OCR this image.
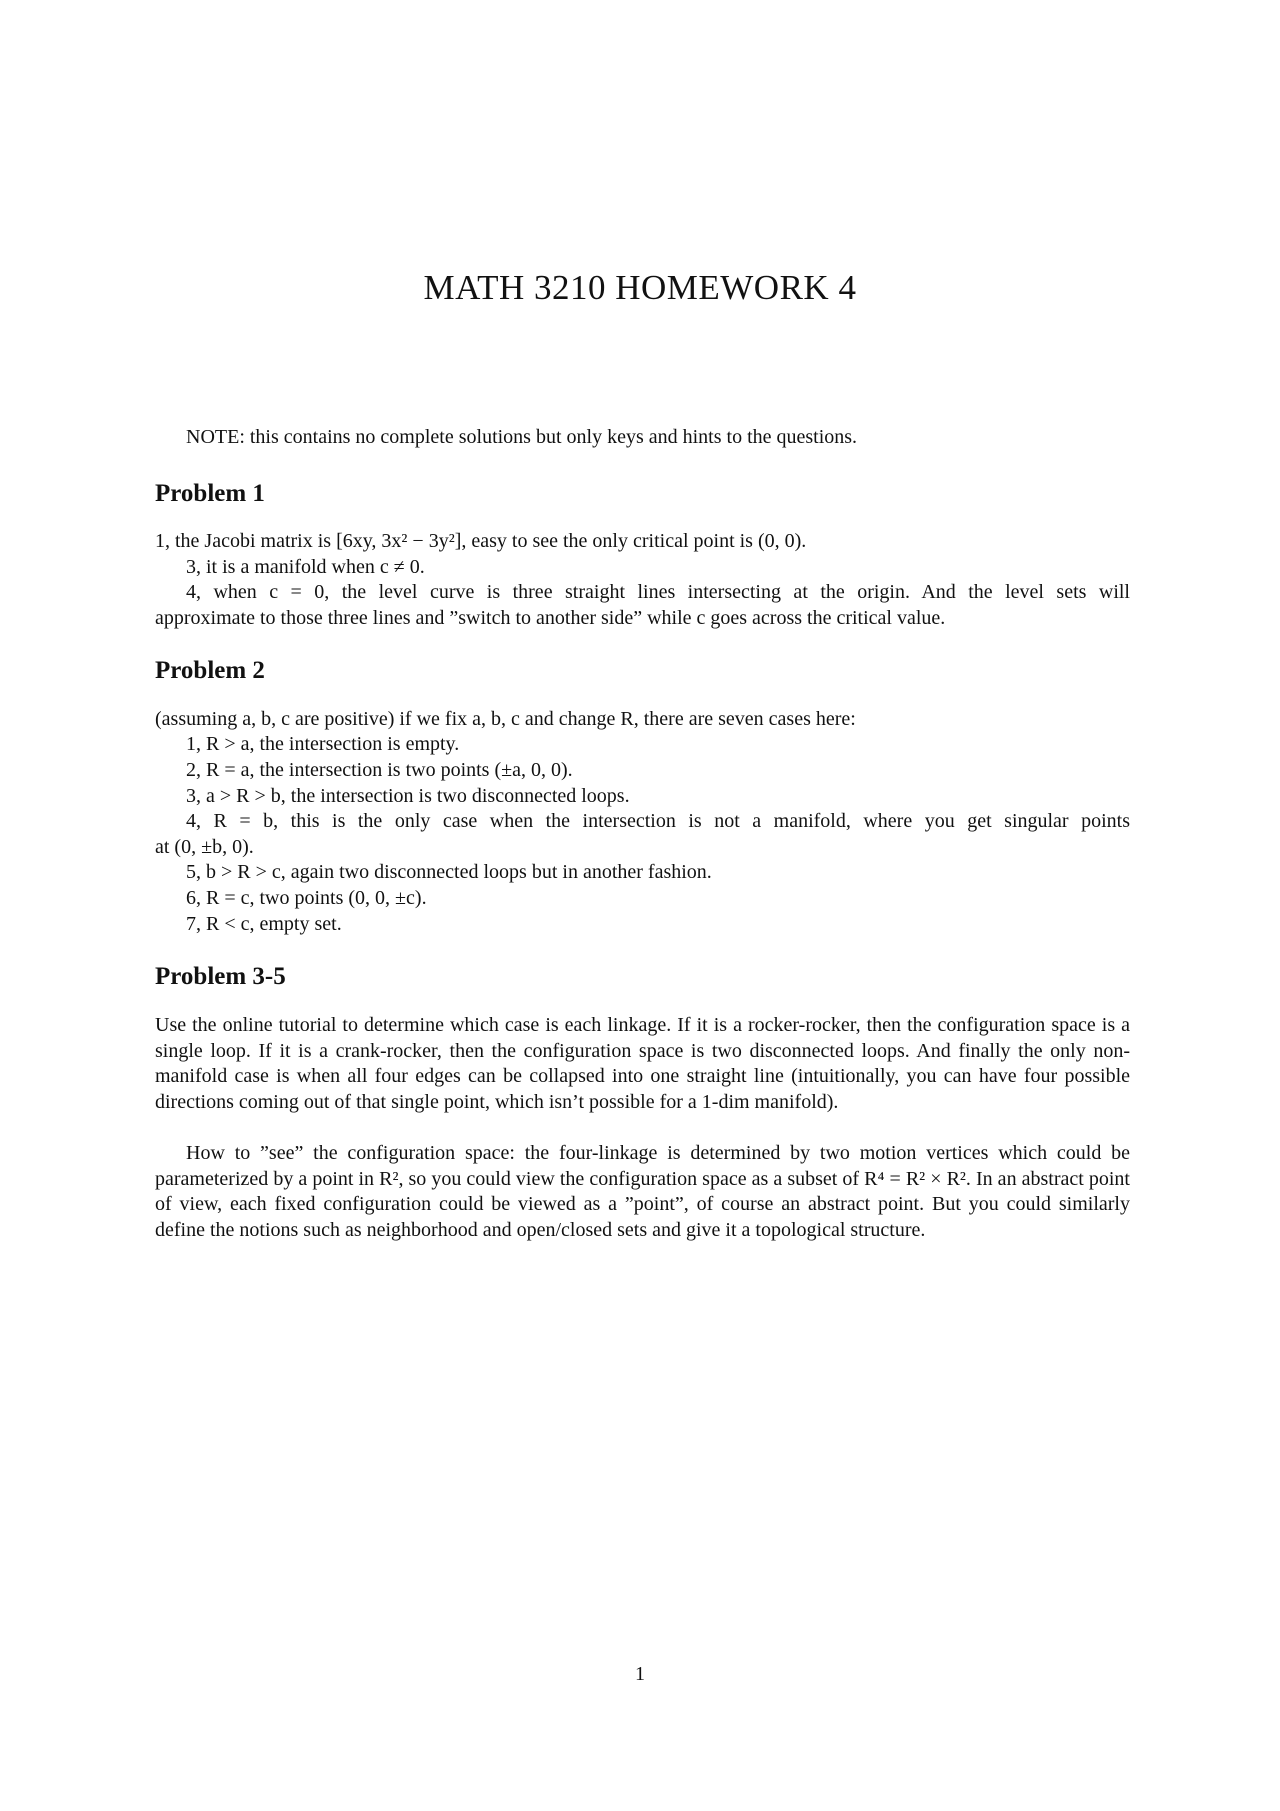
MATH 3210 HOMEWORK 4
NOTE: this contains no complete solutions but only keys and hints to the questions.
Problem 1
1, the Jacobi matrix is [6xy, 3x² − 3y²], easy to see the only critical point is (0, 0).
3, it is a manifold when c ≠ 0.
4, when c = 0, the level curve is three straight lines intersecting at the origin. And the level sets will
approximate to those three lines and ”switch to another side” while c goes across the critical value.
Problem 2
(assuming a, b, c are positive) if we fix a, b, c and change R, there are seven cases here:
1, R > a, the intersection is empty.
2, R = a, the intersection is two points (±a, 0, 0).
3, a > R > b, the intersection is two disconnected loops.
4, R = b, this is the only case when the intersection is not a manifold, where you get singular points
at (0, ±b, 0).
5, b > R > c, again two disconnected loops but in another fashion.
6, R = c, two points (0, 0, ±c).
7, R < c, empty set.
Problem 3-5
Use the online tutorial to determine which case is each linkage. If it is a rocker-rocker, then the configuration space is a single loop. If it is a crank-rocker, then the configuration space is two disconnected loops. And finally the only non-manifold case is when all four edges can be collapsed into one straight line (intuitionally, you can have four possible directions coming out of that single point, which isn’t possible for a 1-dim manifold).
How to ”see” the configuration space: the four-linkage is determined by two motion vertices which could be parameterized by a point in R², so you could view the configuration space as a subset of R⁴ = R² × R². In an abstract point of view, each fixed configuration could be viewed as a ”point”, of course an abstract point. But you could similarly define the notions such as neighborhood and open/closed sets and give it a topological structure.
1
